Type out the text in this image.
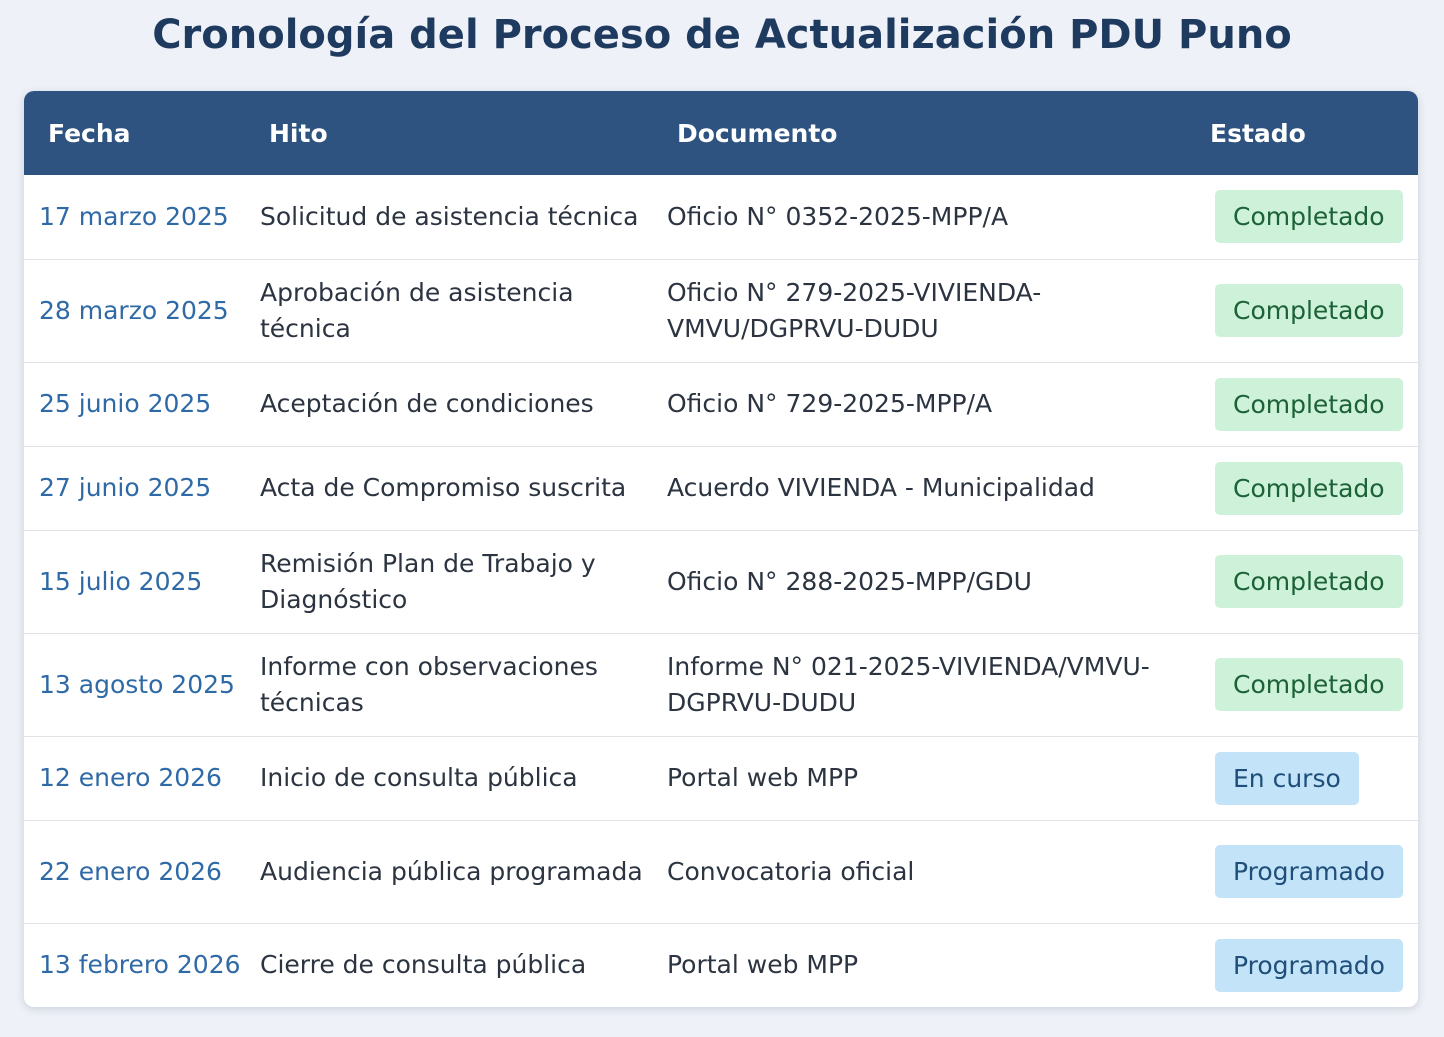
Cronología del Proceso de Actualización PDU Puno
Fecha	Hito	Documento	Estado
17 marzo 2025	Solicitud de asistencia técnica	Oficio N° 0352-2025-MPP/A	Completado
28 marzo 2025	Aprobación de asistencia técnica	Oficio N° 279-2025-VIVIENDA-VMVU/DGPRVU-DUDU	Completado
25 junio 2025	Aceptación de condiciones	Oficio N° 729-2025-MPP/A	Completado
27 junio 2025	Acta de Compromiso suscrita	Acuerdo VIVIENDA - Municipalidad	Completado
15 julio 2025	Remisión Plan de Trabajo y Diagnóstico	Oficio N° 288-2025-MPP/GDU	Completado
13 agosto 2025	Informe con observaciones técnicas	Informe N° 021-2025-VIVIENDA/VMVU-DGPRVU-DUDU	Completado
12 enero 2026	Inicio de consulta pública	Portal web MPP	En curso
22 enero 2026	Audiencia pública programada	Convocatoria oficial	Programado
13 febrero 2026	Cierre de consulta pública	Portal web MPP	Programado
